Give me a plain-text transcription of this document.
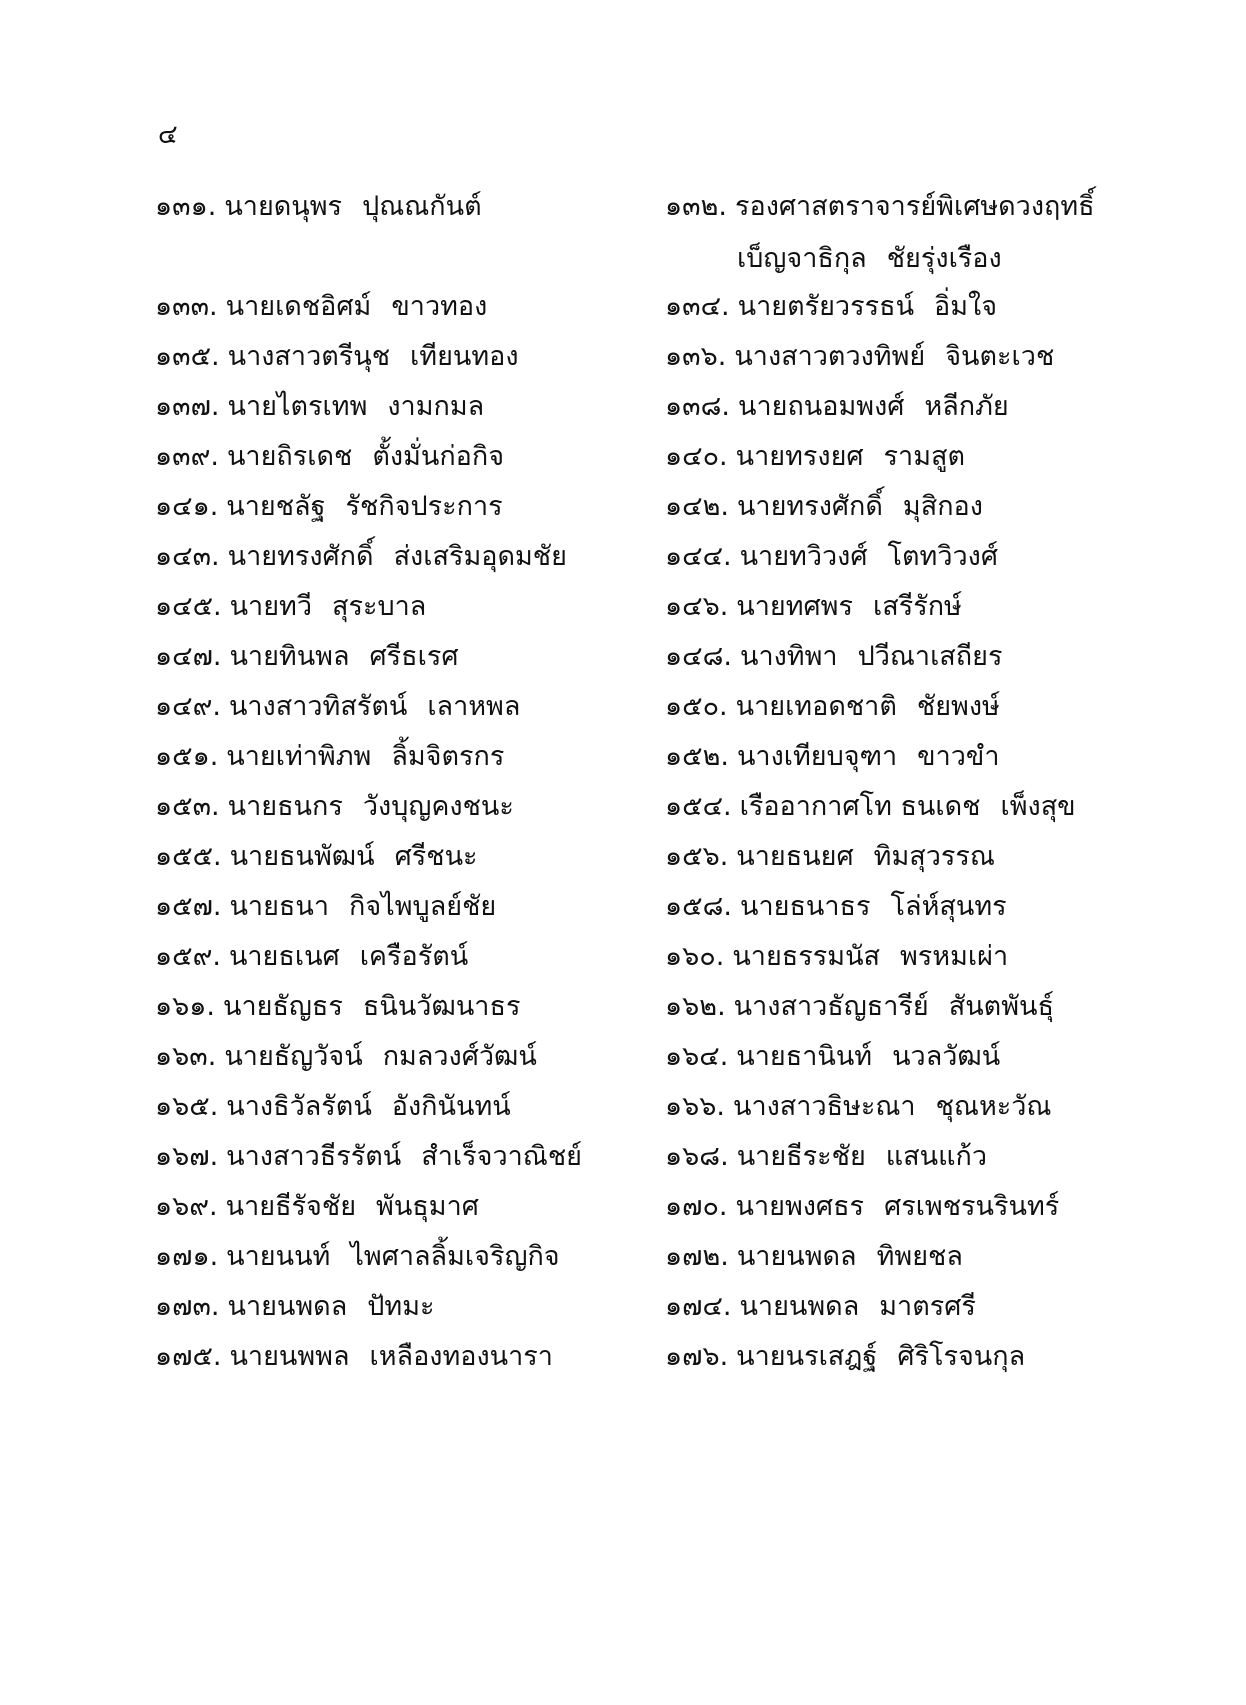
๔
๑๓๑. นายดนุพร ปุณณกันต์	๑๓๒. รองศาสตราจารย์พิเศษดวงฤทธิ์
เบ็ญจาธิกุล ชัยรุ่งเรือง
๑๓๓. นายเดชอิศม์ ขาวทอง	๑๓๔. นายตรัยวรรธน์ อิ่มใจ
๑๓๕. นางสาวตรีนุช เทียนทอง	๑๓๖. นางสาวตวงทิพย์ จินตะเวช
๑๓๗. นายไตรเทพ งามกมล	๑๓๘. นายถนอมพงศ์ หลีกภัย
๑๓๙. นายถิรเดช ตั้งมั่นก่อกิจ	๑๔๐. นายทรงยศ รามสูต
๑๔๑. นายชลัฐ รัชกิจประการ	๑๔๒. นายทรงศักดิ์ มุสิกอง
๑๔๓. นายทรงศักดิ์ ส่งเสริมอุดมชัย	๑๔๔. นายทวิวงศ์ โตทวิวงศ์
๑๔๕. นายทวี สุระบาล	๑๔๖. นายทศพร เสรีรักษ์
๑๔๗. นายทินพล ศรีธเรศ	๑๔๘. นางทิพา ปวีณาเสถียร
๑๔๙. นางสาวทิสรัตน์ เลาหพล	๑๕๐. นายเทอดชาติ ชัยพงษ์
๑๕๑. นายเท่าพิภพ ลิ้มจิตรกร	๑๕๒. นางเทียบจุฑา ขาวขำ
๑๕๓. นายธนกร วังบุญคงชนะ	๑๕๔. เรืออากาศโท ธนเดช เพ็งสุข
๑๕๕. นายธนพัฒน์ ศรีชนะ	๑๕๖. นายธนยศ ทิมสุวรรณ
๑๕๗. นายธนา กิจไพบูลย์ชัย	๑๕๘. นายธนาธร โล่ห์สุนทร
๑๕๙. นายธเนศ เครือรัตน์	๑๖๐. นายธรรมนัส พรหมเผ่า
๑๖๑. นายธัญธร ธนินวัฒนาธร	๑๖๒. นางสาวธัญธารีย์ สันตพันธุ์
๑๖๓. นายธัญวัจน์ กมลวงศ์วัฒน์	๑๖๔. นายธานินท์ นวลวัฒน์
๑๖๕. นางธิวัลรัตน์ อังกินันทน์	๑๖๖. นางสาวธิษะณา ชุณหะวัณ
๑๖๗. นางสาวธีรรัตน์ สำเร็จวาณิชย์	๑๖๘. นายธีระชัย แสนแก้ว
๑๖๙. นายธีรัจชัย พันธุมาศ	๑๗๐. นายพงศธร ศรเพชรนรินทร์
๑๗๑. นายนนท์ ไพศาลลิ้มเจริญกิจ	๑๗๒. นายนพดล ทิพยชล
๑๗๓. นายนพดล ปัทมะ	๑๗๔. นายนพดล มาตรศรี
๑๗๕. นายนพพล เหลืองทองนารา	๑๗๖. นายนรเสฎฐ์ ศิริโรจนกุล
